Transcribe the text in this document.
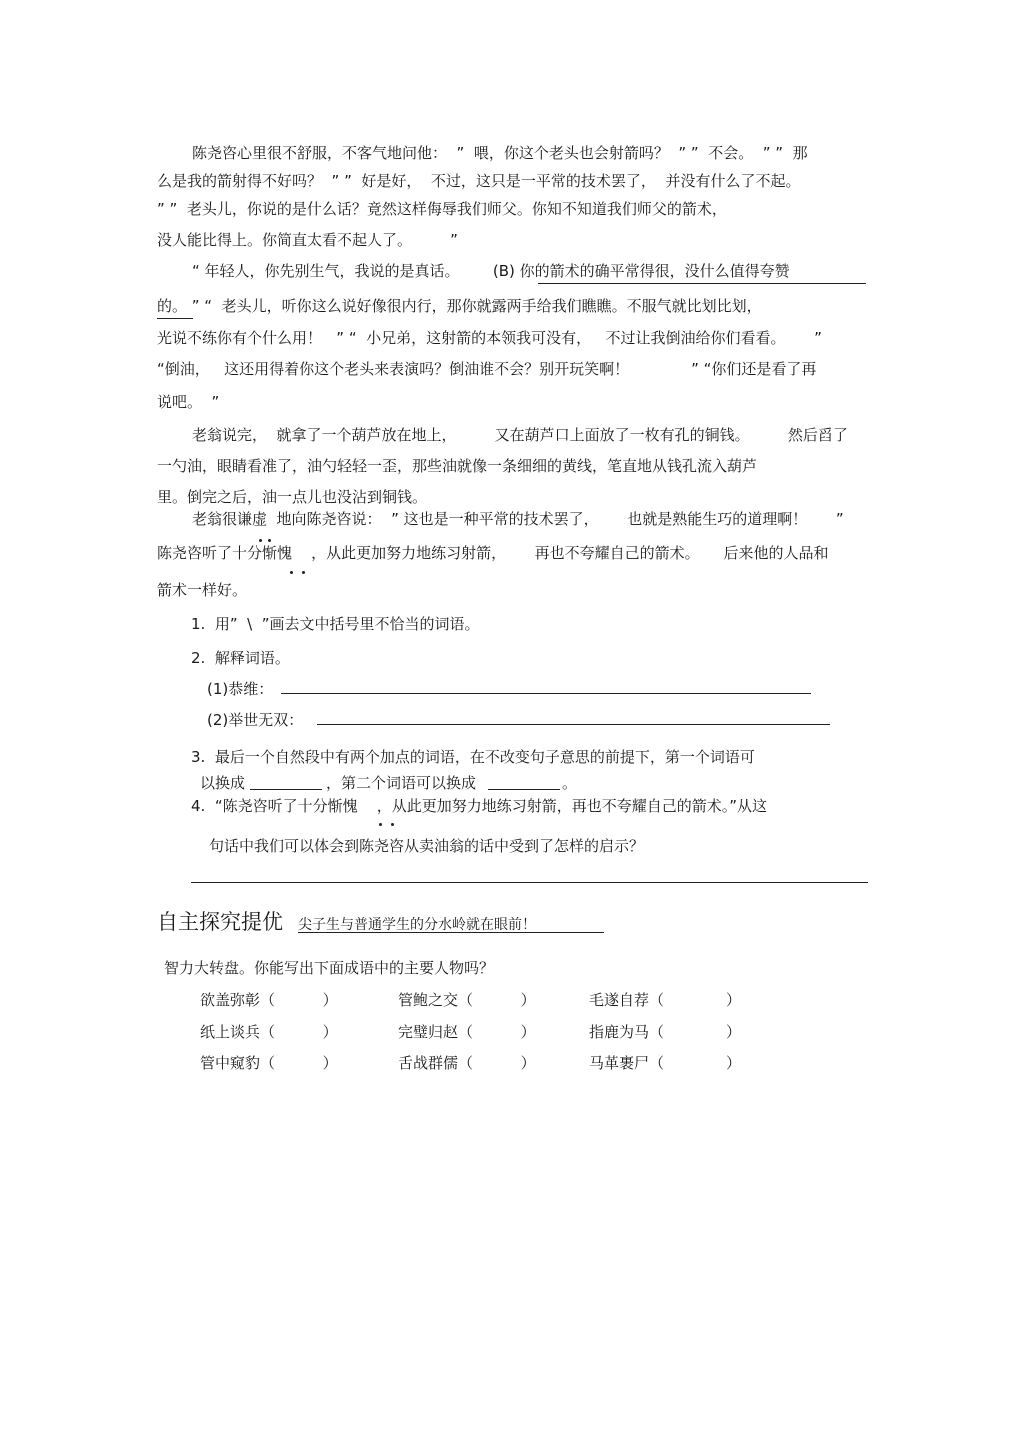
陈尧咨心里很不舒服，不客气地问他：  ”  喂，你这个老头也会射箭吗？  ” ”  不会。  ” ”  那
么是我的箭射得不好吗？  ” ”  好是好，  不过，这只是一平常的技术罢了，  并没有什么了不起。
” ”  老头儿，你说的是什么话？竟然这样侮辱我们师父。你知不知道我们师父的箭术，
没人能比得上。你简直太看不起人了。        ”
“ 年轻人，你先别生气，我说的是真话。       (B) 你的箭术的确平常得很，没什么值得夸赞
的。 ” “  老头儿，听你这么说好像很内行，那你就露两手给我们瞧瞧。不服气就比划比划，
光说不练你有个什么用！   ” “  小兄弟，这射箭的本领我可没有，   不过让我倒油给你们看看。      ”
“倒油，   这还用得着你这个老头来表演吗？倒油谁不会？别开玩笑啊！             ” “你们还是看了再
说吧。  ”
老翁说完，  就拿了一个葫芦放在地上，        又在葫芦口上面放了一枚有孔的铜钱。        然后舀了
一勺油，眼睛看准了，油勺轻轻一歪，那些油就像一条细细的黄线，笔直地从钱孔流入葫芦
里。倒完之后，油一点儿也没沾到铜钱。
老翁很谦虚  地向陈尧咨说：  ” 这也是一种平常的技术罢了，      也就是熟能生巧的道理啊！      ”
陈尧咨听了十分惭愧    ，从此更加努力地练习射箭，      再也不夸耀自己的箭术。     后来他的人品和
箭术一样好。
1.  用”  \  ”画去文中括号里不恰当的词语。
2.  解释词语。
(1)恭维：
(2)举世无双：
3.  最后一个自然段中有两个加点的词语，在不改变句子意思的前提下，第一个词语可
以换成	，第二个词语可以换成	。
4.  “陈尧咨听了十分惭愧    ，从此更加努力地练习射箭，再也不夸耀自己的箭术。”从这
句话中我们可以体会到陈尧咨从卖油翁的话中受到了怎样的启示？
自主探究提优 尖子生与普通学生的分水岭就在眼前！
智力大转盘。你能写出下面成语中的主要人物吗？
欲盖弥彰（          ）	管鲍之交（          ）	毛遂自荐（             ）
纸上谈兵（          ）	完璧归赵（          ）	指鹿为马（             ）
管中窥豹（          ）	舌战群儒（          ）	马革裹尸（             ）
